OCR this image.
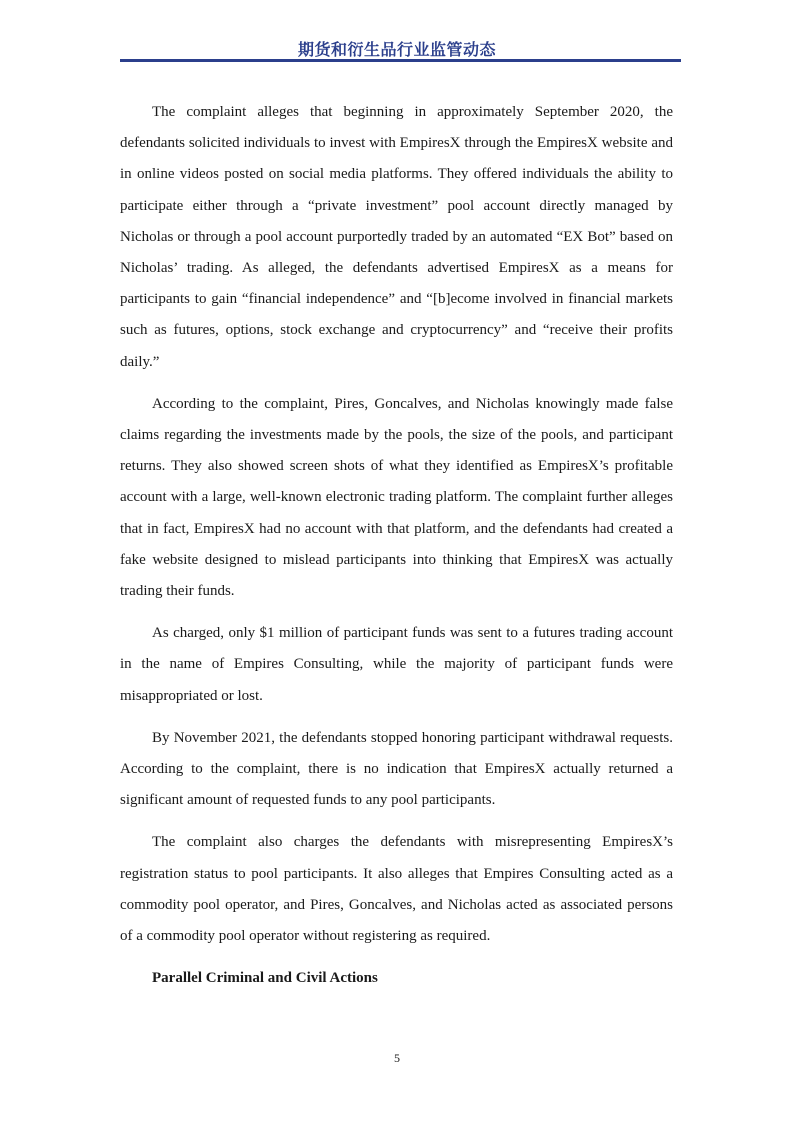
期货和衍生品行业监管动态

The complaint alleges that beginning in approximately September 2020, the defendants solicited individuals to invest with EmpiresX through the EmpiresX website and in online videos posted on social media platforms. They offered individuals the ability to participate either through a “private investment” pool account directly managed by Nicholas or through a pool account purportedly traded by an automated “EX Bot” based on Nicholas’ trading. As alleged, the defendants advertised EmpiresX as a means for participants to gain “financial independence” and “[b]ecome involved in financial markets such as futures, options, stock exchange and cryptocurrency” and “receive their profits daily.”

According to the complaint, Pires, Goncalves, and Nicholas knowingly made false claims regarding the investments made by the pools, the size of the pools, and participant returns. They also showed screen shots of what they identified as EmpiresX’s profitable account with a large, well-known electronic trading platform. The complaint further alleges that in fact, EmpiresX had no account with that platform, and the defendants had created a fake website designed to mislead participants into thinking that EmpiresX was actually trading their funds.

As charged, only $1 million of participant funds was sent to a futures trading account in the name of Empires Consulting, while the majority of participant funds were misappropriated or lost.

By November 2021, the defendants stopped honoring participant withdrawal requests. According to the complaint, there is no indication that EmpiresX actually returned a significant amount of requested funds to any pool participants.

The complaint also charges the defendants with misrepresenting EmpiresX’s registration status to pool participants. It also alleges that Empires Consulting acted as a commodity pool operator, and Pires, Goncalves, and Nicholas acted as associated persons of a commodity pool operator without registering as required.

Parallel Criminal and Civil Actions

5
